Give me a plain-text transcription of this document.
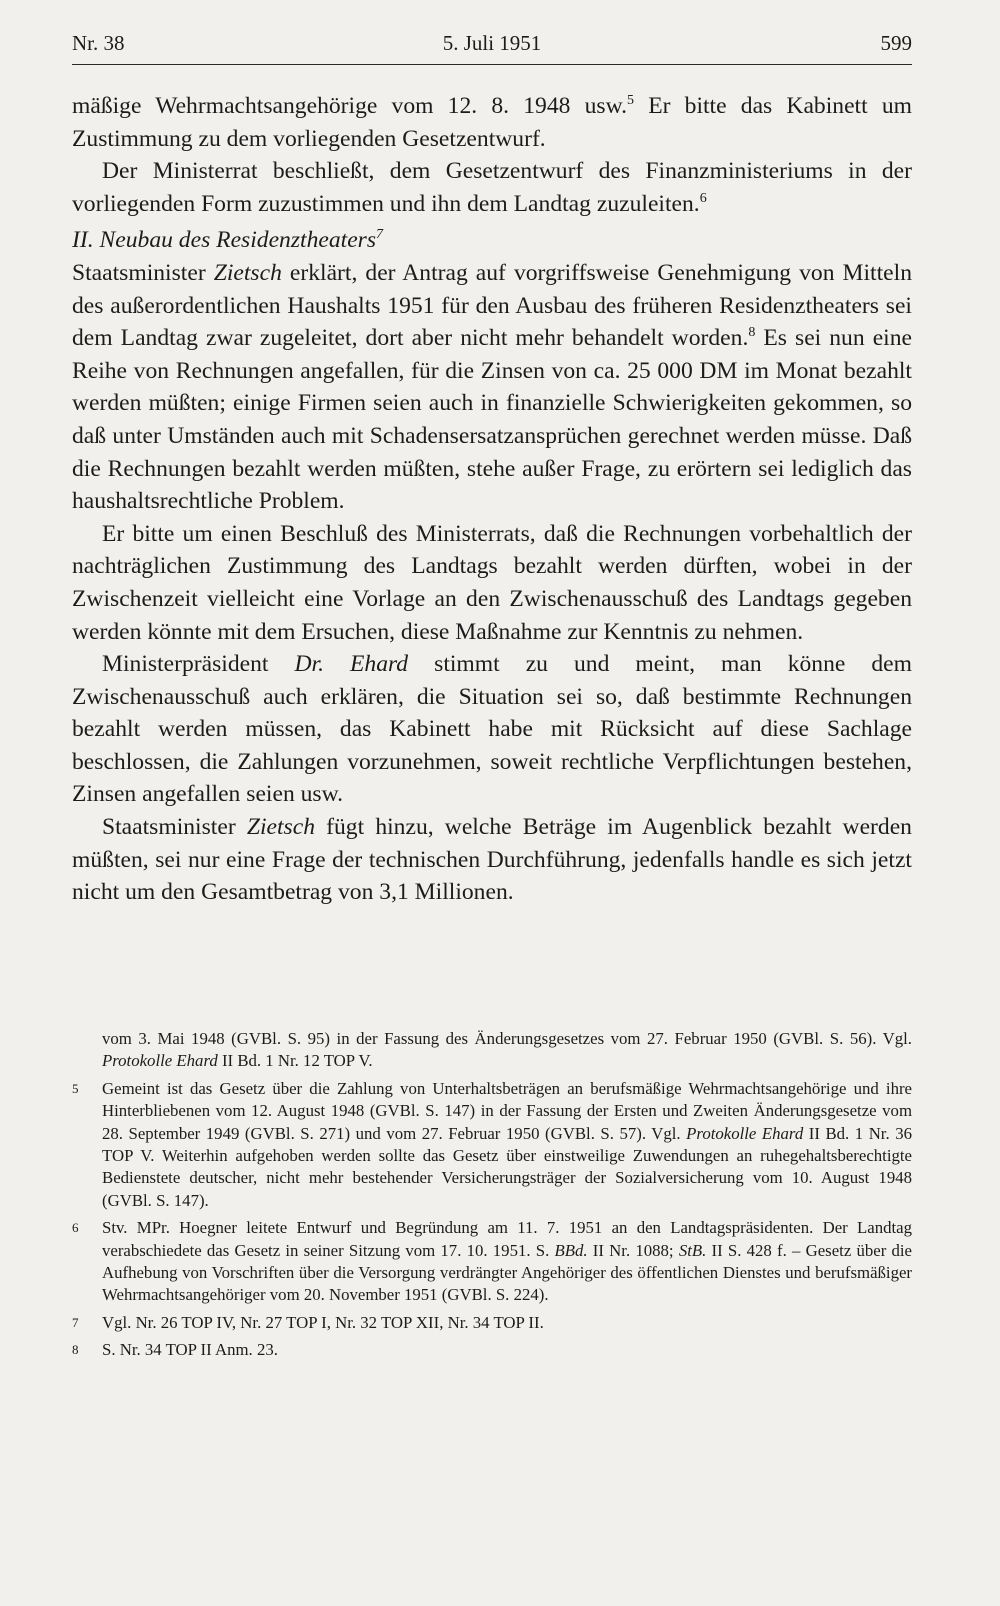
Nr. 38	5. Juli 1951	599

mäßige Wehrmachtsangehörige vom 12. 8. 1948 usw.$^5$ Er bitte das Kabinett um Zustimmung zu dem vorliegenden Gesetzentwurf.

Der Ministerrat beschließt, dem Gesetzentwurf des Finanzministeriums in der vorliegenden Form zuzustimmen und ihn dem Landtag zuzuleiten.$^6$

II. Neubau des Residenztheaters$^7$

Staatsminister Zietsch erklärt, der Antrag auf vorgriffsweise Genehmigung von Mitteln des außerordentlichen Haushalts 1951 für den Ausbau des früheren Residenztheaters sei dem Landtag zwar zugeleitet, dort aber nicht mehr behandelt worden.$^8$ Es sei nun eine Reihe von Rechnungen angefallen, für die Zinsen von ca. 25 000 DM im Monat bezahlt werden müßten; einige Firmen seien auch in finanzielle Schwierigkeiten gekommen, so daß unter Umständen auch mit Schadensersatzansprüchen gerechnet werden müsse. Daß die Rechnungen bezahlt werden müßten, stehe außer Frage, zu erörtern sei lediglich das haushaltsrechtliche Problem.

Er bitte um einen Beschluß des Ministerrats, daß die Rechnungen vorbehaltlich der nachträglichen Zustimmung des Landtags bezahlt werden dürften, wobei in der Zwischenzeit vielleicht eine Vorlage an den Zwischenausschuß des Landtags gegeben werden könnte mit dem Ersuchen, diese Maßnahme zur Kenntnis zu nehmen.

Ministerpräsident Dr. Ehard stimmt zu und meint, man könne dem Zwischenausschuß auch erklären, die Situation sei so, daß bestimmte Rechnungen bezahlt werden müssen, das Kabinett habe mit Rücksicht auf diese Sachlage beschlossen, die Zahlungen vorzunehmen, soweit rechtliche Verpflichtungen bestehen, Zinsen angefallen seien usw.

Staatsminister Zietsch fügt hinzu, welche Beträge im Augenblick bezahlt werden müßten, sei nur eine Frage der technischen Durchführung, jedenfalls handle es sich jetzt nicht um den Gesamtbetrag von 3,1 Millionen.

vom 3. Mai 1948 (GVBl. S. 95) in der Fassung des Änderungsgesetzes vom 27. Februar 1950 (GVBl. S. 56). Vgl. Protokolle Ehard II Bd. 1 Nr. 12 TOP V.
5 Gemeint ist das Gesetz über die Zahlung von Unterhaltsbeträgen an berufsmäßige Wehrmachtsangehörige und ihre Hinterbliebenen vom 12. August 1948 (GVBl. S. 147) in der Fassung der Ersten und Zweiten Änderungsgesetze vom 28. September 1949 (GVBl. S. 271) und vom 27. Februar 1950 (GVBl. S. 57). Vgl. Protokolle Ehard II Bd. 1 Nr. 36 TOP V. Weiterhin aufgehoben werden sollte das Gesetz über einstweilige Zuwendungen an ruhegehaltsberechtigte Bedienstete deutscher, nicht mehr bestehender Versicherungsträger der Sozialversicherung vom 10. August 1948 (GVBl. S. 147).
6 Stv. MPr. Hoegner leitete Entwurf und Begründung am 11. 7. 1951 an den Landtagspräsidenten. Der Landtag verabschiedete das Gesetz in seiner Sitzung vom 17. 10. 1951. S. BBd. II Nr. 1088; StB. II S. 428 f. – Gesetz über die Aufhebung von Vorschriften über die Versorgung verdrängter Angehöriger des öffentlichen Dienstes und berufsmäßiger Wehrmachtsangehöriger vom 20. November 1951 (GVBl. S. 224).
7 Vgl. Nr. 26 TOP IV, Nr. 27 TOP I, Nr. 32 TOP XII, Nr. 34 TOP II.
8 S. Nr. 34 TOP II Anm. 23.
